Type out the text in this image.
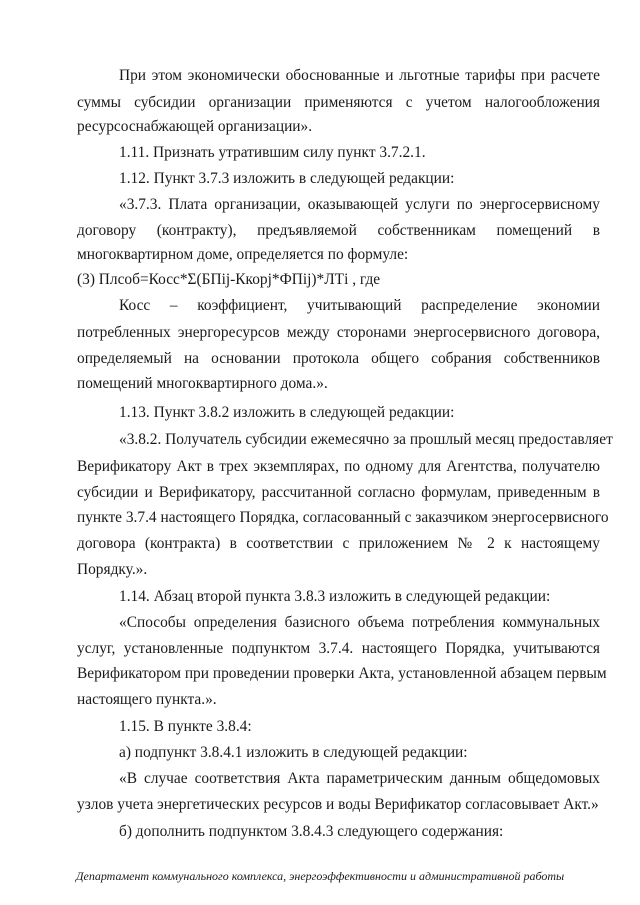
При этом экономически обоснованные и льготные тарифы при расчете
суммы субсидии организации применяются с учетом налогообложения
ресурсоснабжающей организации».
1.11. Признать утратившим силу пункт 3.7.2.1.
1.12. Пункт 3.7.3 изложить в следующей редакции:
«3.7.3. Плата организации, оказывающей услуги по энергосервисному
договору (контракту), предъявляемой собственникам помещений в
многоквартирном доме, определяется по формуле:
(3) Плсоб=Косс*Σ(БПij-Ккорj*ФПij)*ЛТi , где
Косс – коэффициент, учитывающий распределение экономии
потребленных энергоресурсов между сторонами энергосервисного договора,
определяемый на основании протокола общего собрания собственников
помещений многоквартирного дома.».
1.13. Пункт 3.8.2 изложить в следующей редакции:
«3.8.2. Получатель субсидии ежемесячно за прошлый месяц предоставляет
Верификатору Акт в трех экземплярах, по одному для Агентства, получателю
субсидии и Верификатору, рассчитанной согласно формулам, приведенным в
пункте 3.7.4 настоящего Порядка, согласованный с заказчиком энергосервисного
договора (контракта) в соответствии с приложением № 2 к настоящему
Порядку.».
1.14. Абзац второй пункта 3.8.3 изложить в следующей редакции:
«Способы определения базисного объема потребления коммунальных
услуг, установленные подпунктом 3.7.4. настоящего Порядка, учитываются
Верификатором при проведении проверки Акта, установленной абзацем первым
настоящего пункта.».
1.15. В пункте 3.8.4:
а) подпункт 3.8.4.1 изложить в следующей редакции:
«В случае соответствия Акта параметрическим данным общедомовых
узлов учета энергетических ресурсов и воды Верификатор согласовывает Акт.»
б) дополнить подпунктом 3.8.4.3 следующего содержания:
Департамент коммунального комплекса, энергоэффективности и административной работы
